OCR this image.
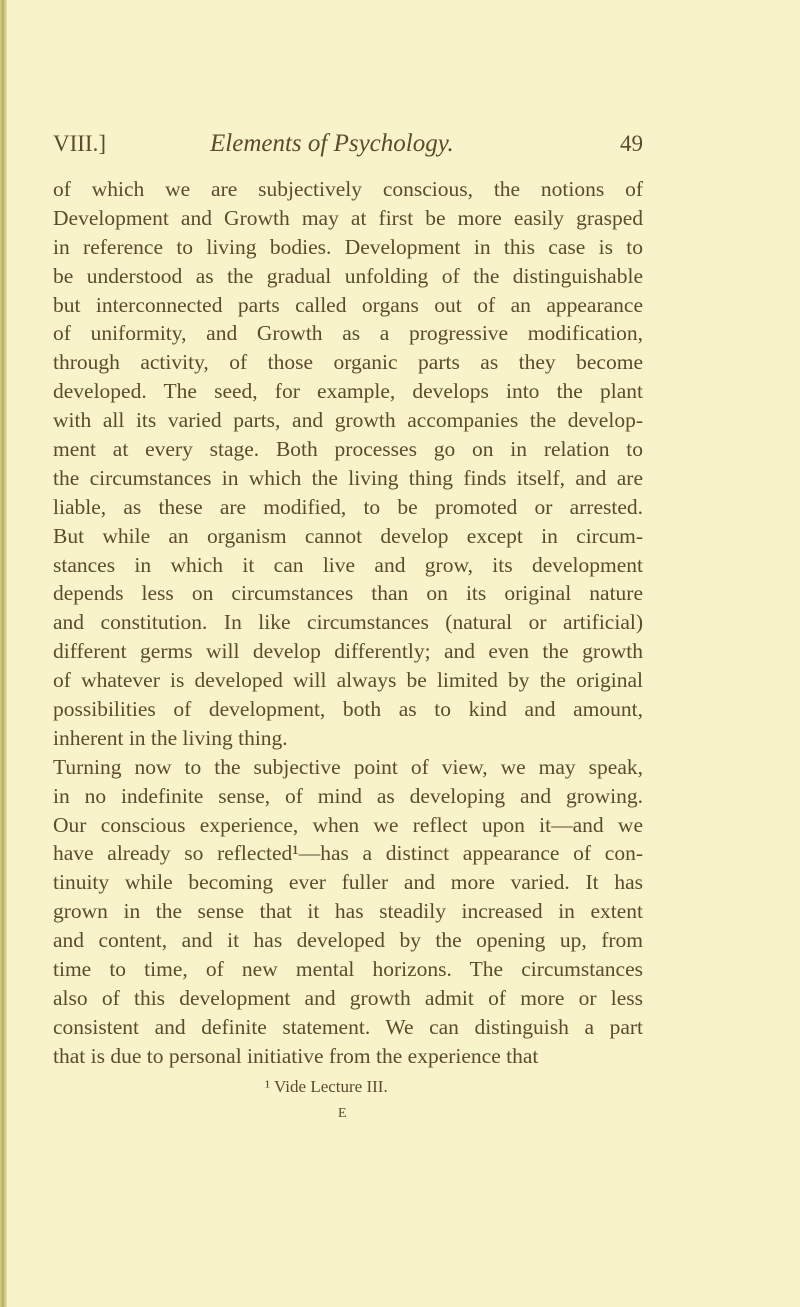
VIII.]	Elements of Psychology.	49
of which we are subjectively conscious, the notions of
Development and Growth may at first be more easily grasped
in reference to living bodies. Development in this case is to
be understood as the gradual unfolding of the distinguishable
but interconnected parts called organs out of an appearance
of uniformity, and Growth as a progressive modification,
through activity, of those organic parts as they become
developed. The seed, for example, develops into the plant
with all its varied parts, and growth accompanies the develop-
ment at every stage. Both processes go on in relation to
the circumstances in which the living thing finds itself, and are
liable, as these are modified, to be promoted or arrested.
But while an organism cannot develop except in circum-
stances in which it can live and grow, its development
depends less on circumstances than on its original nature
and constitution. In like circumstances (natural or artificial)
different germs will develop differently; and even the growth
of whatever is developed will always be limited by the original
possibilities of development, both as to kind and amount,
inherent in the living thing.
Turning now to the subjective point of view, we may speak,
in no indefinite sense, of mind as developing and growing.
Our conscious experience, when we reflect upon it—and we
have already so reflected¹—has a distinct appearance of con-
tinuity while becoming ever fuller and more varied. It has
grown in the sense that it has steadily increased in extent
and content, and it has developed by the opening up, from
time to time, of new mental horizons. The circumstances
also of this development and growth admit of more or less
consistent and definite statement. We can distinguish a part
that is due to personal initiative from the experience that
¹ Vide Lecture III.
E
